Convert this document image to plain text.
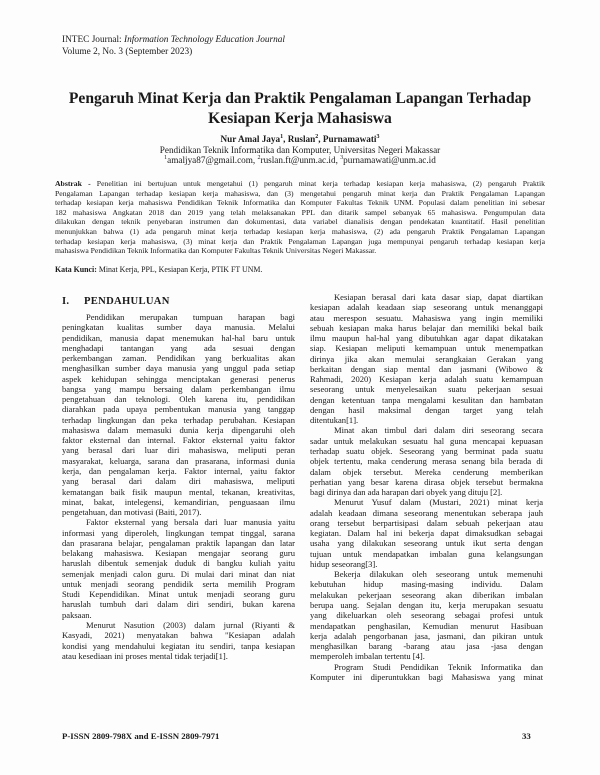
INTEC Journal: Information Technology Education Journal
Volume 2, No. 3 (September 2023)
Pengaruh Minat Kerja dan Praktik Pengalaman Lapangan Terhadap
Kesiapan Kerja Mahasiswa
Nur Amal Jaya$^1$, Ruslan$^2$, Purnamawati$^3$
Pendidikan Teknik Informatika dan Komputer, Universitas Negeri Makassar
$^1$amaljya87@gmail.com, $^2$ruslan.ft@unm.ac.id, $^3$purnamawati@unm.ac.id
Abstrak - Penelitian ini bertujuan untuk mengetahui (1) pengaruh minat kerja terhadap kesiapan kerja mahasiswa, (2) pengaruh Praktik
Pengalaman Lapangan terhadap kesiapan kerja mahasiswa, dan (3) mengetahui pengaruh minat kerja dan Praktik Pengalaman Lapangan
terhadap kesiapan kerja mahasiswa Pendidikan Teknik Informatika dan Komputer Fakultas Teknik UNM. Populasi dalam penelitian ini sebesar
182 mahasiswa Angkatan 2018 dan 2019 yang telah melaksanakan PPL dan ditarik sampel sebanyak 65 mahasiswa. Pengumpulan data
dilakukan dengan teknik penyebaran instrumen dan dokumentasi, data variabel dianalisis dengan pendekatan kuantitatif. Hasil penelitian
menunjukkan bahwa (1) ada pengaruh minat kerja terhadap kesiapan kerja mahasiswa, (2) ada pengaruh Praktik Pengalaman Lapangan
terhadap kesiapan kerja mahasiswa, (3) minat kerja dan Praktik Pengalaman Lapangan juga mempunyai pengaruh terhadap kesiapan kerja
mahasiswa Pendidikan Teknik Informatika dan Komputer Fakultas Teknik Universitas Negeri Makassar.
Kata Kunci: Minat Kerja, PPL, Kesiapan Kerja, PTIK FT UNM.
I. PENDAHULUAN
Pendidikan merupakan tumpuan harapan bagi
peningkatan kualitas sumber daya manusia. Melalui
pendidikan, manusia dapat menemukan hal-hal baru untuk
menghadapi tantangan yang ada sesuai dengan
perkembangan zaman. Pendidikan yang berkualitas akan
menghasilkan sumber daya manusia yang unggul pada setiap
aspek kehidupan sehingga menciptakan generasi penerus
bangsa yang mampu bersaing dalam perkembangan ilmu
pengetahuan dan teknologi. Oleh karena itu, pendidikan
diarahkan pada upaya pembentukan manusia yang tanggap
terhadap lingkungan dan peka terhadap perubahan. Kesiapan
mahasiswa dalam memasuki dunia kerja dipengaruhi oleh
faktor eksternal dan internal. Faktor eksternal yaitu faktor
yang berasal dari luar diri mahasiswa, meliputi peran
masyarakat, keluarga, sarana dan prasarana, informasi dunia
kerja, dan pengalaman kerja. Faktor internal, yaitu faktor
yang berasal dari dalam diri mahasiswa, meliputi
kematangan baik fisik maupun mental, tekanan, kreativitas,
minat, bakat, intelegensi, kemandirian, penguasaan ilmu
pengetahuan, dan motivasi (Baiti, 2017).
Faktor eksternal yang bersala dari luar manusia yaitu
informasi yang diperoleh, lingkungan tempat tinggal, sarana
dan prasarana belajar, pengalaman praktik lapangan dan latar
belakang mahasiswa. Kesiapan mengajar seorang guru
haruslah dibentuk semenjak duduk di bangku kuliah yaitu
semenjak menjadi calon guru. Di mulai dari minat dan niat
untuk menjadi seorang pendidik serta memilih Program
Studi Kependidikan. Minat untuk menjadi seorang guru
haruslah tumbuh dari dalam diri sendiri, bukan karena
paksaan.
Menurut Nasution (2003) dalam jurnal (Riyanti &
Kasyadi, 2021) menyatakan bahwa "Kesiapan adalah
kondisi yang mendahului kegiatan itu sendiri, tanpa kesiapan
atau kesediaan ini proses mental tidak terjadi[1].
Kesiapan berasal dari kata dasar siap, dapat diartikan
kesiapan adalah keadaan siap seseorang untuk menanggapi
atau merespon sesuatu. Mahasiswa yang ingin memiliki
sebuah kesiapan maka harus belajar dan memiliki bekal baik
ilmu maupun hal-hal yang dibutuhkan agar dapat dikatakan
siap. Kesiapan meliputi kemampuan untuk menempatkan
dirinya jika akan memulai serangkaian Gerakan yang
berkaitan dengan siap mental dan jasmani (Wibowo &
Rahmadi, 2020) Kesiapan kerja adalah suatu kemampuan
seseorang untuk menyelesaikan suatu pekerjaan sesuai
dengan ketentuan tanpa mengalami kesulitan dan hambatan
dengan hasil maksimal dengan target yang telah
ditentukan[1].
Minat akan timbul dari dalam diri seseorang secara
sadar untuk melakukan sesuatu hal guna mencapai kepuasan
terhadap suatu objek. Seseorang yang berminat pada suatu
objek tertentu, maka cenderung merasa senang bila berada di
dalam objek tersebut. Mereka cenderung memberikan
perhatian yang besar karena dirasa objek tersebut bermakna
bagi dirinya dan ada harapan dari obyek yang dituju [2].
Menurut Yusuf dalam (Mustari, 2021) minat kerja
adalah keadaan dimana seseorang menentukan seberapa jauh
orang tersebut berpartisipasi dalam sebuah pekerjaan atau
kegiatan. Dalam hal ini bekerja dapat dimaksudkan sebagai
usaha yang dilakukan seseorang untuk ikut serta dengan
tujuan untuk mendapatkan imbalan guna kelangsungan
hidup seseorang[3].
Bekerja dilakukan oleh seseorang untuk memenuhi
kebutuhan hidup masing-masing individu. Dalam
melakukan pekerjaan seseorang akan diberikan imbalan
berupa uang. Sejalan dengan itu, kerja merupakan sesuatu
yang dikeluarkan oleh seseorang sebagai profesi untuk
mendapatkan penghasilan, Kemudian menurut Hasibuan
kerja adalah pengorbanan jasa, jasmani, dan pikiran untuk
menghasilkan barang -barang atau jasa -jasa dengan
memperoleh imbalan tertentu [4].
Program Studi Pendidikan Teknik Informatika dan
Komputer ini diperuntukkan bagi Mahasiswa yang minat
P-ISSN 2809-798X and E-ISSN 2809-7971	33
